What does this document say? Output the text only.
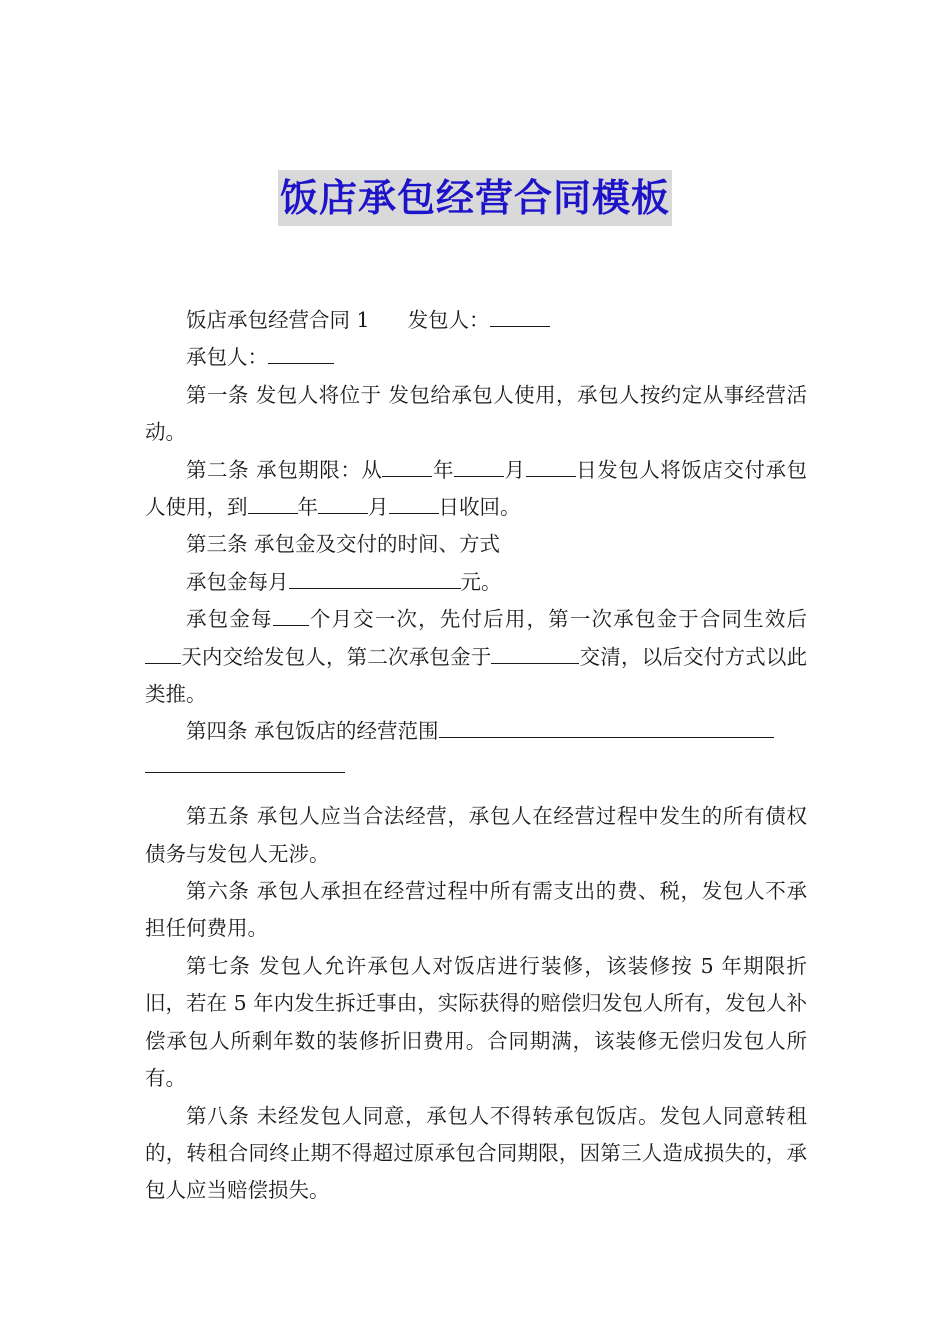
饭店承包经营合同模板

饭店承包经营合同 1 发包人：

承包人：

第一条 发包人将位于 发包给承包人使用，承包人按约定从事经营活动。

第二条 承包期限：从 年 月 日发包人将饭店交付承包人使用，到 年 月 日收回。

第三条 承包金及交付的时间、方式

承包金每月	元。

承包金每 个月交一次，先付后用，第一次承包金于合同生效后天内交给发包人，第二次承包金于	交清，以后交付方式以此类推。

第四条 承包饭店的经营范围

第五条 承包人应当合法经营，承包人在经营过程中发生的所有债权债务与发包人无涉。

第六条 承包人承担在经营过程中所有需支出的费、税，发包人不承担任何费用。

第七条 发包人允许承包人对饭店进行装修，该装修按 5 年期限折旧，若在 5 年内发生拆迁事由，实际获得的赔偿归发包人所有，发包人补偿承包人所剩年数的装修折旧费用。合同期满，该装修无偿归发包人所有。

第八条 未经发包人同意，承包人不得转承包饭店。发包人同意转租的，转租合同终止期不得超过原承包合同期限，因第三人造成损失的，承包人应当赔偿损失。
